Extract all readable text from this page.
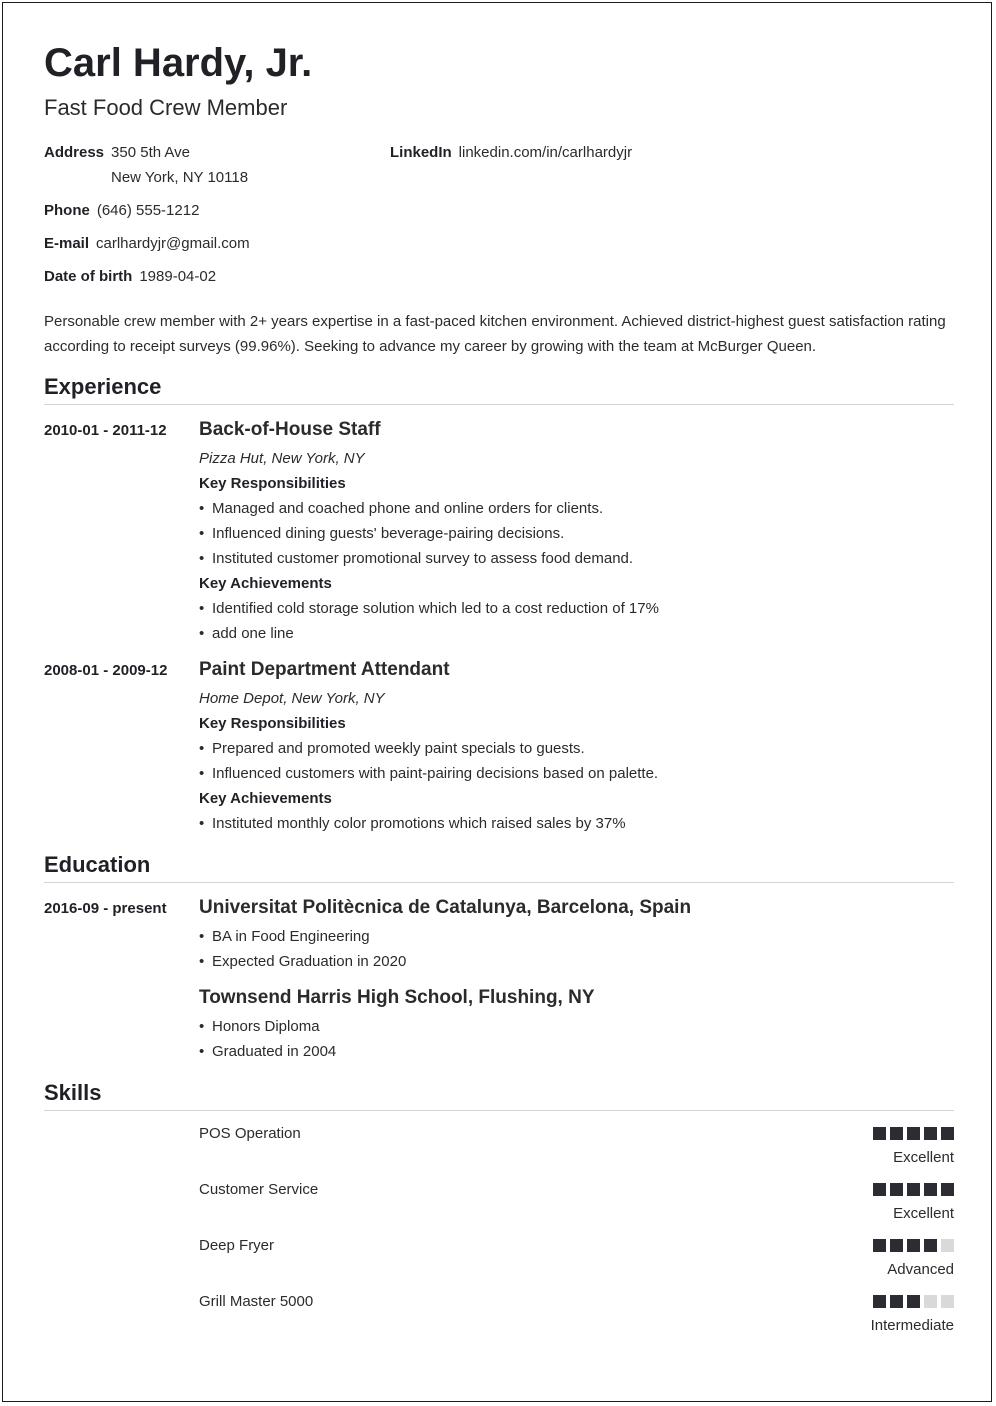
Carl Hardy, Jr.
Fast Food Crew Member
Address 350 5th Ave
New York, NY 10118
LinkedIn linkedin.com/in/carlhardyjr
Phone (646) 555-1212
E-mail carlhardyjr@gmail.com
Date of birth 1989-04-02
Personable crew member with 2+ years expertise in a fast-paced kitchen environment. Achieved district-highest guest satisfaction rating according to receipt surveys (99.96%). Seeking to advance my career by growing with the team at McBurger Queen.
Experience
2010-01 - 2011-12 Back-of-House Staff
Pizza Hut, New York, NY
Key Responsibilities
• Managed and coached phone and online orders for clients.
• Influenced dining guests' beverage-pairing decisions.
• Instituted customer promotional survey to assess food demand.
Key Achievements
• Identified cold storage solution which led to a cost reduction of 17%
• add one line
2008-01 - 2009-12 Paint Department Attendant
Home Depot, New York, NY
Key Responsibilities
• Prepared and promoted weekly paint specials to guests.
• Influenced customers with paint-pairing decisions based on palette.
Key Achievements
• Instituted monthly color promotions which raised sales by 37%
Education
2016-09 - present Universitat Politècnica de Catalunya, Barcelona, Spain
• BA in Food Engineering
• Expected Graduation in 2020
Townsend Harris High School, Flushing, NY
• Honors Diploma
• Graduated in 2004
Skills
POS Operation
Excellent
Customer Service
Excellent
Deep Fryer
Advanced
Grill Master 5000
Intermediate
